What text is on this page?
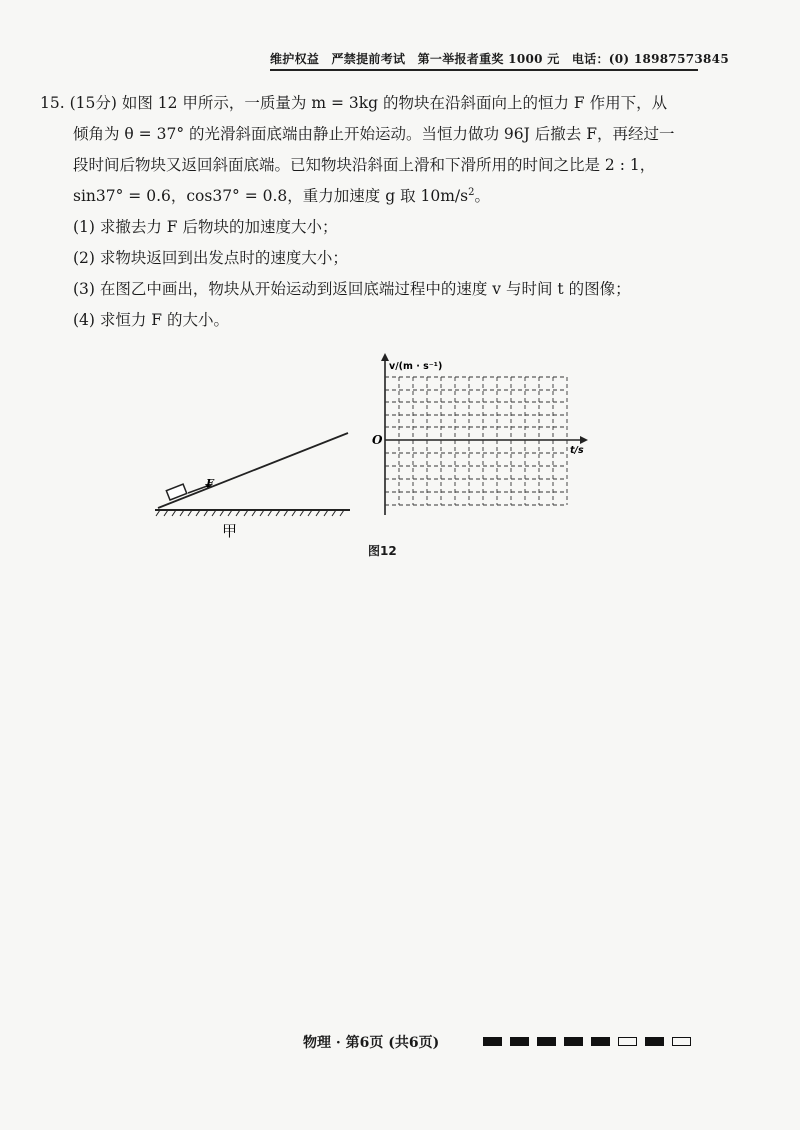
维护权益　严禁提前考试　第一举报者重奖 1000 元　电话：(0) 18987573845
15. (15分) 如图 12 甲所示，一质量为 m = 3kg 的物块在沿斜面向上的恒力 F 作用下，从
倾角为 θ = 37° 的光滑斜面底端由静止开始运动。当恒力做功 96J 后撤去 F，再经过一
段时间后物块又返回斜面底端。已知物块沿斜面上滑和下滑所用的时间之比是 2 : 1，
sin37° = 0.6，cos37° = 0.8，重力加速度 g 取 $10m/s^2$。
(1) 求撤去力 F 后物块的加速度大小；
(2) 求物块返回到出发点时的速度大小；
(3) 在图乙中画出，物块从开始运动到返回底端过程中的速度 v 与时间 t 的图像；
(4) 求恒力 F 的大小。
F
甲
v/(m · s⁻¹)
O
t/s
图12
物理 · 第6页 (共6页)
